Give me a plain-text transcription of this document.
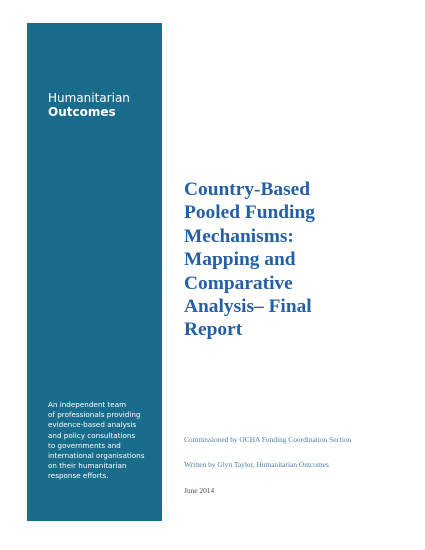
Humanitarian
Outcomes
An independent team
of professionals providing
evidence-based analysis
and policy consultations
to governments and
international organisations
on their humanitarian
response efforts.
Country-Based
Pooled Funding
Mechanisms:
Mapping and
Comparative
Analysis– Final
Report
Commissioned by OCHA Funding Coordination Section
Written by Glyn Taylor, Humanitarian Outcomes
June 2014
